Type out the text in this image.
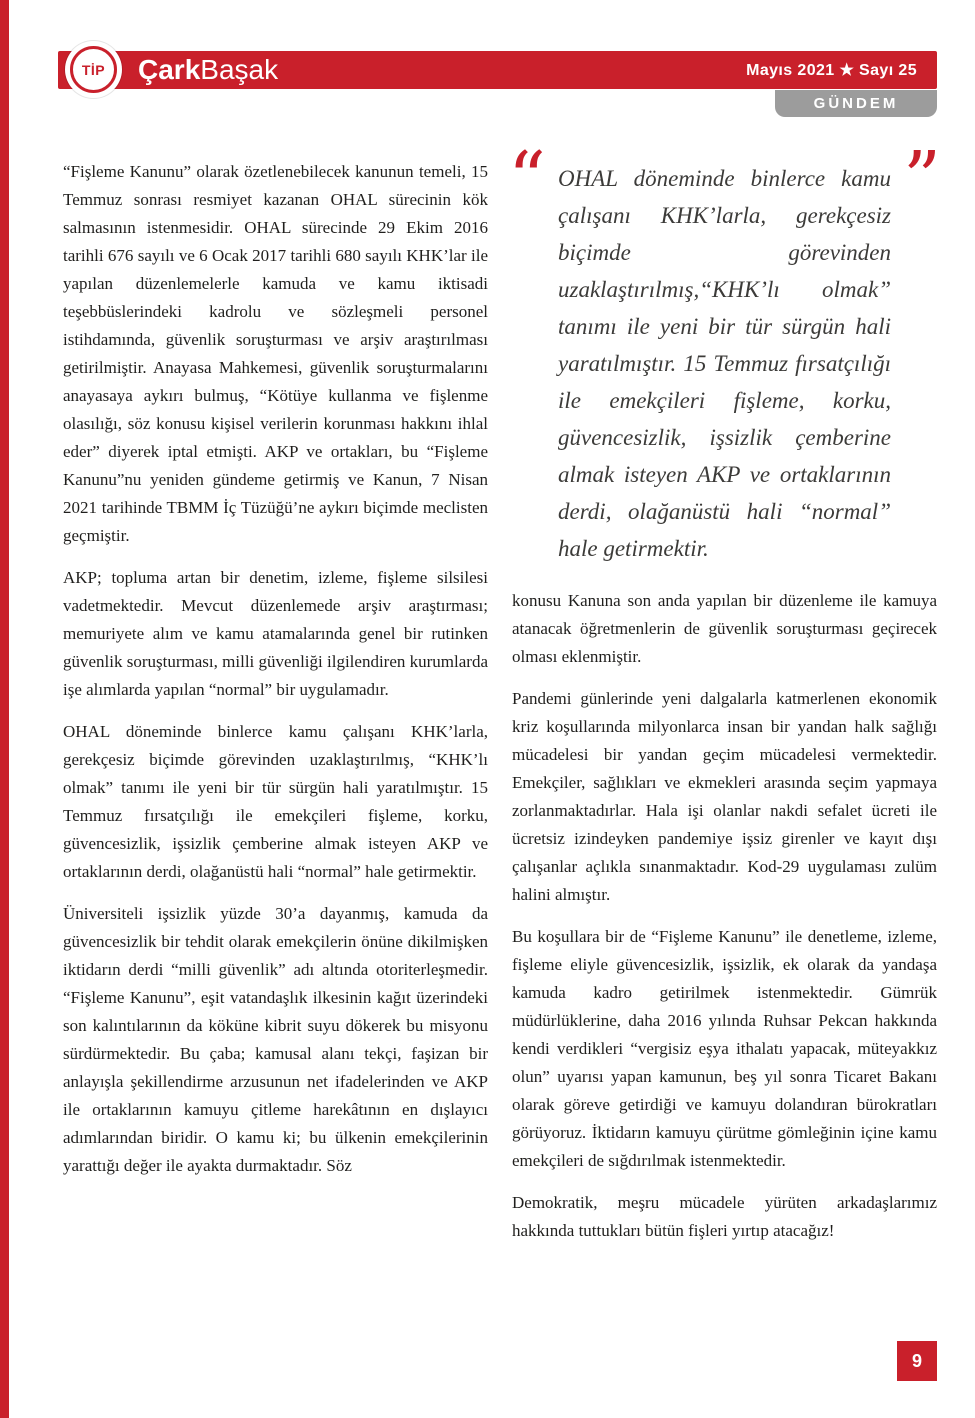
TİP ÇarkBaşak	Mayıs 2021 ★ Sayı 25
GÜNDEM

“Fişleme Kanunu” olarak özetlenebilecek kanunun temeli, 15 Temmuz sonrası resmiyet kazanan OHAL sürecinin kök salmasının istenmesidir. OHAL sürecinde 29 Ekim 2016 tarihli 676 sayılı ve 6 Ocak 2017 tarihli 680 sayılı KHK’lar ile yapılan düzenlemelerle kamuda ve kamu iktisadi teşebbüslerindeki kadrolu ve sözleşmeli personel istihdamında, güvenlik soruşturması ve arşiv araştırılması getirilmiştir. Anayasa Mahkemesi, güvenlik soruşturmalarını anayasaya aykırı bulmuş, “Kötüye kullanma ve fişlenme olasılığı, söz konusu kişisel verilerin korunması hakkını ihlal eder” diyerek iptal etmişti. AKP ve ortakları, bu “Fişleme Kanunu”nu yeniden gündeme getirmiş ve Kanun, 7 Nisan 2021 tarihinde TBMM İç Tüzüğü’ne aykırı biçimde meclisten geçmiştir.

AKP; topluma artan bir denetim, izleme, fişleme silsilesi vadetmektedir. Mevcut düzenlemede arşiv araştırması; memuriyete alım ve kamu atamalarında genel bir rutinken güvenlik soruşturması, milli güvenliği ilgilendiren kurumlarda işe alımlarda yapılan “normal” bir uygulamadır.

OHAL döneminde binlerce kamu çalışanı KHK’larla, gerekçesiz biçimde görevinden uzaklaştırılmış, “KHK’lı olmak” tanımı ile yeni bir tür sürgün hali yaratılmıştır. 15 Temmuz fırsatçılığı ile emekçileri fişleme, korku, güvencesizlik, işsizlik çemberine almak isteyen AKP ve ortaklarının derdi, olağanüstü hali “normal” hale getirmektir.

Üniversiteli işsizlik yüzde 30’a dayanmış, kamuda da güvencesizlik bir tehdit olarak emekçilerin önüne dikilmişken iktidarın derdi “milli güvenlik” adı altında otoriterleşmedir. “Fişleme Kanunu”, eşit vatandaşlık ilkesinin kağıt üzerindeki son kalıntılarının da köküne kibrit suyu dökerek bu misyonu sürdürmektedir. Bu çaba; kamusal alanı tekçi, faşizan bir anlayışla şekillendirme arzusunun net ifadelerinden ve AKP ile ortaklarının kamuyu çitleme harekâtının en dışlayıcı adımlarından biridir. O kamu ki; bu ülkenin emekçilerinin yarattığı değer ile ayakta durmaktadır. Söz

“	”
OHAL döneminde binlerce kamu çalışanı KHK’larla, gerekçesiz biçimde görevinden uzaklaştırılmış,“KHK’lı olmak” tanımı ile yeni bir tür sürgün hali yaratılmıştır. 15 Temmuz fırsatçılığı ile emekçileri fişleme, korku, güvencesizlik, işsizlik çemberine almak isteyen AKP ve ortaklarının derdi, olağanüstü hali “normal” hale getirmektir.

konusu Kanuna son anda yapılan bir düzenleme ile kamuya atanacak öğretmenlerin de güvenlik soruşturması geçirecek olması eklenmiştir.

Pandemi günlerinde yeni dalgalarla katmerlenen ekonomik kriz koşullarında milyonlarca insan bir yandan halk sağlığı mücadelesi bir yandan geçim mücadelesi vermektedir. Emekçiler, sağlıkları ve ekmekleri arasında seçim yapmaya zorlanmaktadırlar. Hala işi olanlar nakdi sefalet ücreti ile ücretsiz izindeyken pandemiye işsiz girenler ve kayıt dışı çalışanlar açlıkla sınanmaktadır. Kod-29 uygulaması zulüm halini almıştır.

Bu koşullara bir de “Fişleme Kanunu” ile denetleme, izleme, fişleme eliyle güvencesizlik, işsizlik, ek olarak da yandaşa kamuda kadro getirilmek istenmektedir. Gümrük müdürlüklerine, daha 2016 yılında Ruhsar Pekcan hakkında kendi verdikleri “vergisiz eşya ithalatı yapacak, müteyakkız olun” uyarısı yapan kamunun, beş yıl sonra Ticaret Bakanı olarak göreve getirdiği ve kamuyu dolandıran bürokratları görüyoruz. İktidarın kamuyu çürütme gömleğinin içine kamu emekçileri de sığdırılmak istenmektedir.

Demokratik, meşru mücadele yürüten arkadaşlarımız hakkında tuttukları bütün fişleri yırtıp atacağız!

9
